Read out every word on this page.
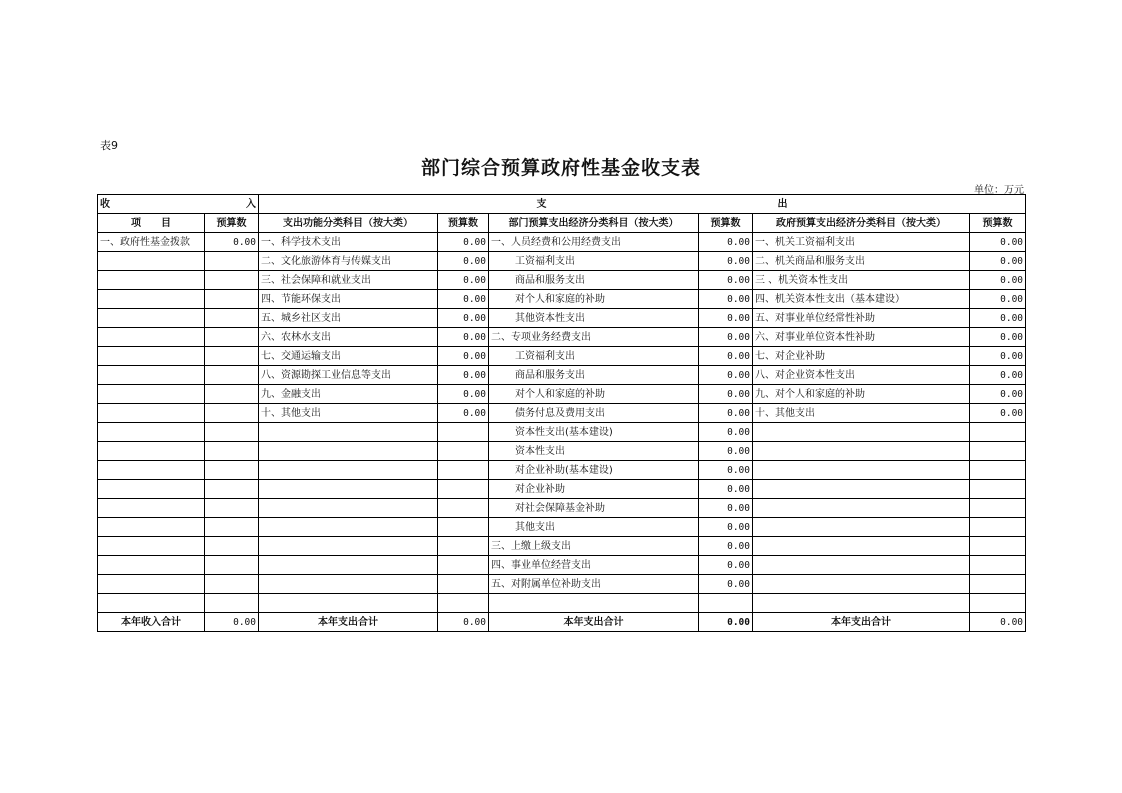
表9
部门综合预算政府性基金收支表
单位：万元
收 入		支 出					

项　　目	预算数	支出功能分类科目（按大类）	预算数	部门预算支出经济分类科目（按大类）	预算数	政府预算支出经济分类科目（按大类）	预算数
一、政府性基金拨款	0.00	一、科学技术支出	0.00	一、人员经费和公用经费支出	0.00	一、机关工资福利支出	0.00
		二、文化旅游体育与传媒支出	0.00	工资福利支出	0.00	二、机关商品和服务支出	0.00
		三、社会保障和就业支出	0.00	商品和服务支出	0.00	三 、机关资本性支出	0.00
		四、节能环保支出	0.00	对个人和家庭的补助	0.00	四、机关资本性支出（基本建设）	0.00
		五、城乡社区支出	0.00	其他资本性支出	0.00	五、对事业单位经常性补助	0.00
		六、农林水支出	0.00	二、专项业务经费支出	0.00	六、对事业单位资本性补助	0.00
		七、交通运输支出	0.00	工资福利支出	0.00	七、对企业补助	0.00
		八、资源勘探工业信息等支出	0.00	商品和服务支出	0.00	八、对企业资本性支出	0.00
		九、金融支出	0.00	对个人和家庭的补助	0.00	九、对个人和家庭的补助	0.00
		十、其他支出	0.00	债务付息及费用支出	0.00	十、其他支出	0.00
				资本性支出(基本建设)	0.00		
				资本性支出	0.00		
				对企业补助(基本建设)	0.00		
				对企业补助	0.00		
				对社会保障基金补助	0.00		
				其他支出	0.00		
				三、上缴上级支出	0.00		
				四、事业单位经营支出	0.00		
				五、对附属单位补助支出	0.00		

本年收入合计	0.00	本年支出合计	0.00	本年支出合计	0.00	本年支出合计	0.00
